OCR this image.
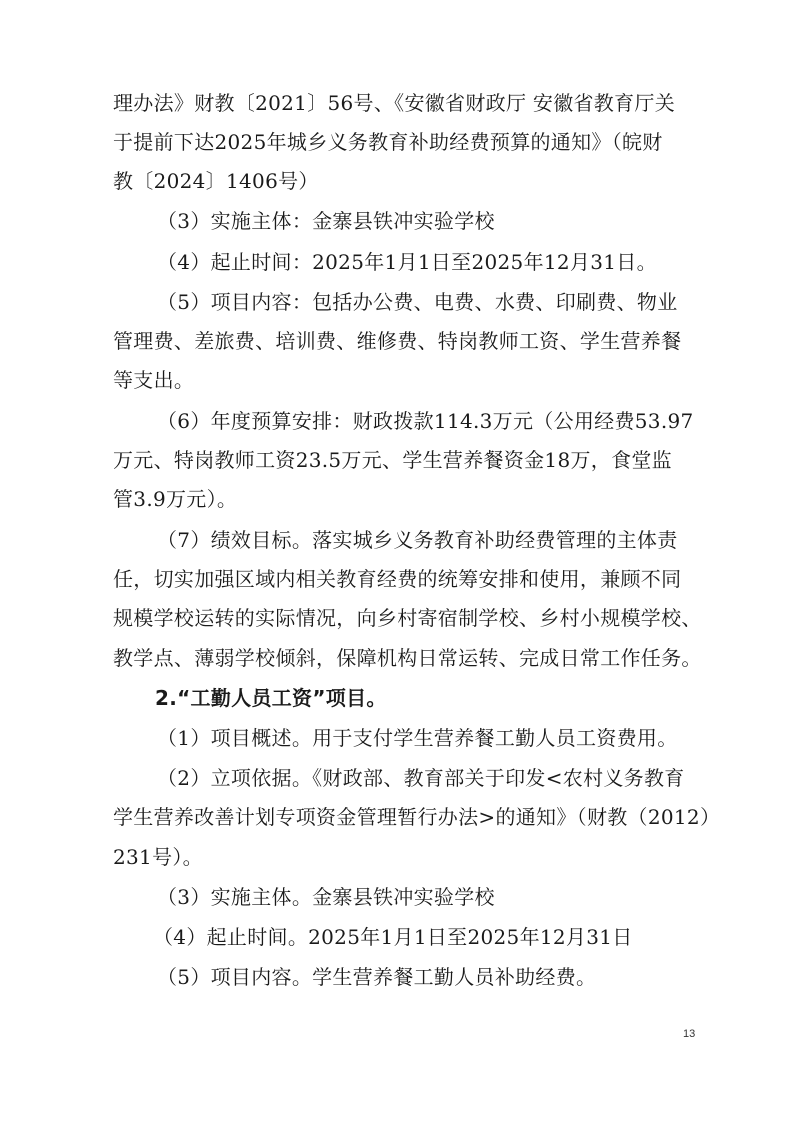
理办法》财教〔2021〕56号、《安徽省财政厅 安徽省教育厅关
于提前下达2025年城乡义务教育补助经费预算的通知》（皖财
教〔2024〕1406号）
（3）实施主体：金寨县铁冲实验学校
（4）起止时间：2025年1月1日至2025年12月31日。
（5）项目内容：包括办公费、电费、水费、印刷费、物业
管理费、差旅费、培训费、维修费、特岗教师工资、学生营养餐
等支出。
（6）年度预算安排：财政拨款114.3万元（公用经费53.97
万元、特岗教师工资23.5万元、学生营养餐资金18万，食堂监
管3.9万元）。
（7）绩效目标。落实城乡义务教育补助经费管理的主体责
任，切实加强区域内相关教育经费的统筹安排和使用，兼顾不同
规模学校运转的实际情况，向乡村寄宿制学校、乡村小规模学校、
教学点、薄弱学校倾斜，保障机构日常运转、完成日常工作任务。
2.“工勤人员工资”项目。
（1）项目概述。用于支付学生营养餐工勤人员工资费用。
（2）立项依据。《财政部、教育部关于印发<农村义务教育
学生营养改善计划专项资金管理暂行办法>的通知》（财教（2012）
231号）。
（3）实施主体。金寨县铁冲实验学校
（4）起止时间。2025年1月1日至2025年12月31日
（5）项目内容。学生营养餐工勤人员补助经费。
13
